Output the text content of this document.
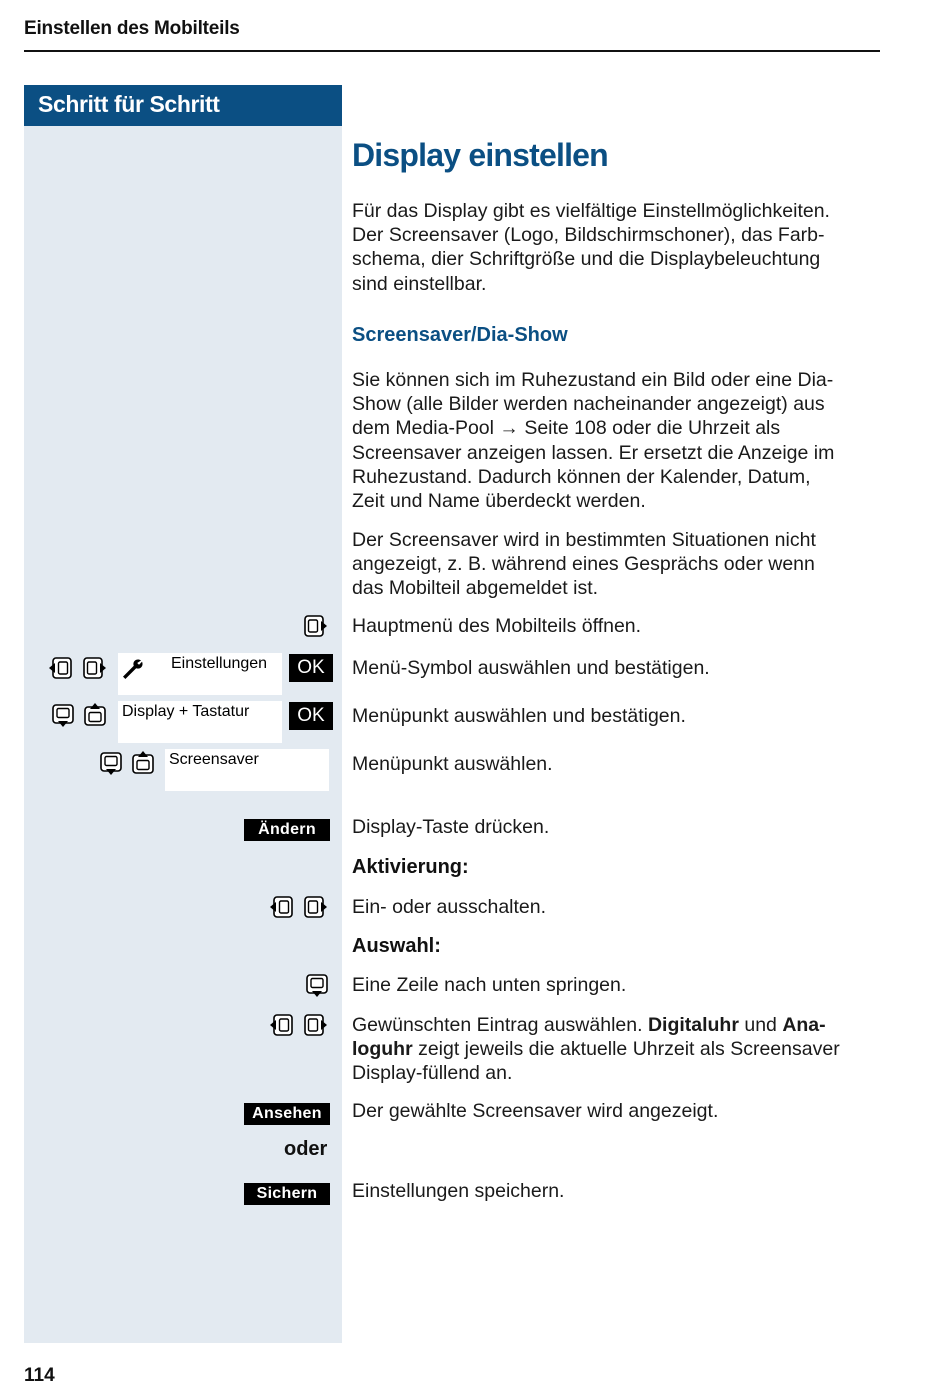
Einstellen des Mobilteils
Schritt für Schritt
Display einstellen
Für das Display gibt es vielfältige Einstellmöglichkeiten.
Der Screensaver (Logo, Bildschirmschoner), das Farb-
schema, dier Schriftgröße und die Displaybeleuchtung
sind einstellbar.
Screensaver/Dia-Show
Sie können sich im Ruhezustand ein Bild oder eine Dia-
Show (alle Bilder werden nacheinander angezeigt) aus
dem Media-Pool → Seite 108 oder die Uhrzeit als
Screensaver anzeigen lassen. Er ersetzt die Anzeige im
Ruhezustand. Dadurch können der Kalender, Datum,
Zeit und Name überdeckt werden.
Der Screensaver wird in bestimmten Situationen nicht
angezeigt, z. B. während eines Gesprächs oder wenn
das Mobilteil abgemeldet ist.
Hauptmenü des Mobilteils öffnen.
Einstellungen	OK	Menü-Symbol auswählen und bestätigen.
Display + Tastatur	OK	Menüpunkt auswählen und bestätigen.
Screensaver	Menüpunkt auswählen.
Ändern	Display-Taste drücken.
Aktivierung:
Ein- oder ausschalten.
Auswahl:
Eine Zeile nach unten springen.
Gewünschten Eintrag auswählen. Digitaluhr und Ana-
loguhr zeigt jeweils die aktuelle Uhrzeit als Screensaver
Display-füllend an.
Ansehen	Der gewählte Screensaver wird angezeigt.
oder
Sichern	Einstellungen speichern.
114
